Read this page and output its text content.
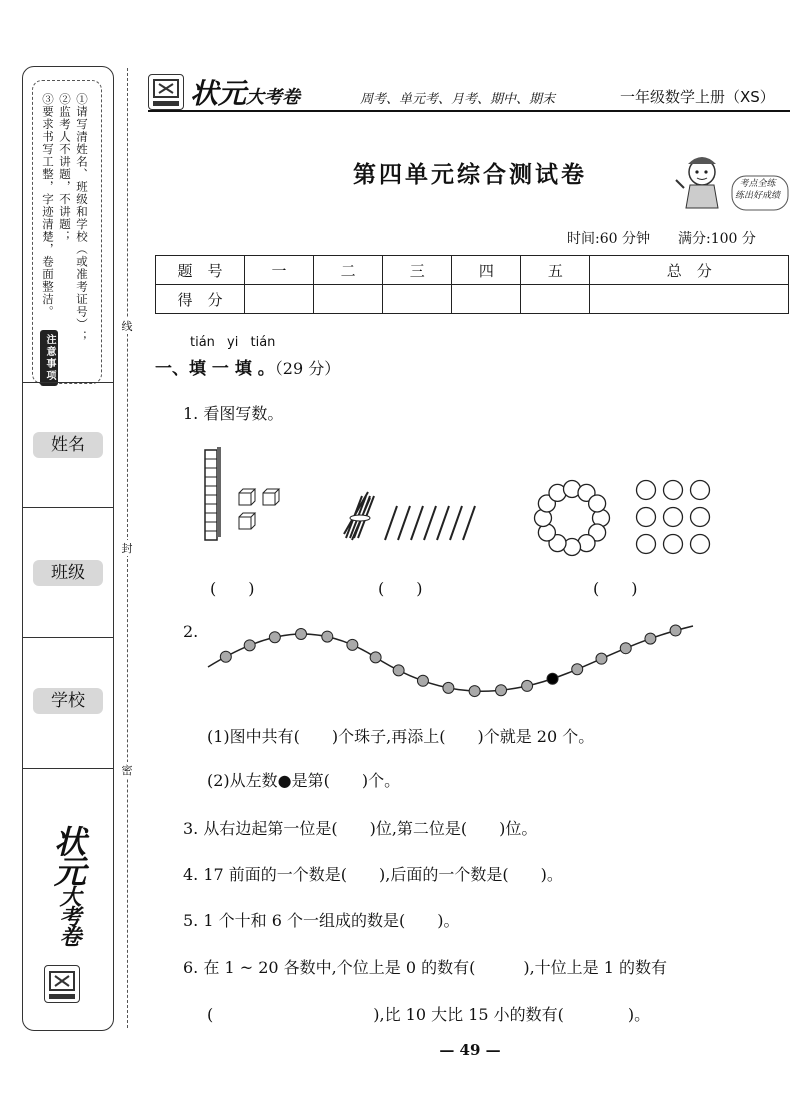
①请写清姓名、班级和学校（或准考证号）；
②监考人不讲题，不讲题；
③要求书写工整，字迹清楚，卷面整洁。
注意事项
姓名
班级
学校
状元大考卷
线
封
密
状元大考卷	周考、单元考、月考、期中、期末	一年级数学上册（XS）
第四单元综合测试卷	考点全练
练出好成绩
时间:60 分钟　　满分:100 分
题　号	一	二	三	四	五	总　分
得　分						
tián yi tián
一、填 一 填 。（29 分）
1. 看图写数。
(　　)	(　　)	(　　)
2.
(1)图中共有(　　)个珠子,再添上(　　)个就是 20 个。
(2)从左数●是第(　　)个。
3. 从右边起第一位是(　　)位,第二位是(　　)位。
4. 17 前面的一个数是(　　),后面的一个数是(　　)。
5. 1 个十和 6 个一组成的数是(　　)。
6. 在 1 ~ 20 各数中,个位上是 0 的数有(　　　),十位上是 1 的数有
(　　　　　　　　　　),比 10 大比 15 小的数有(　　　　)。
— 49 —
